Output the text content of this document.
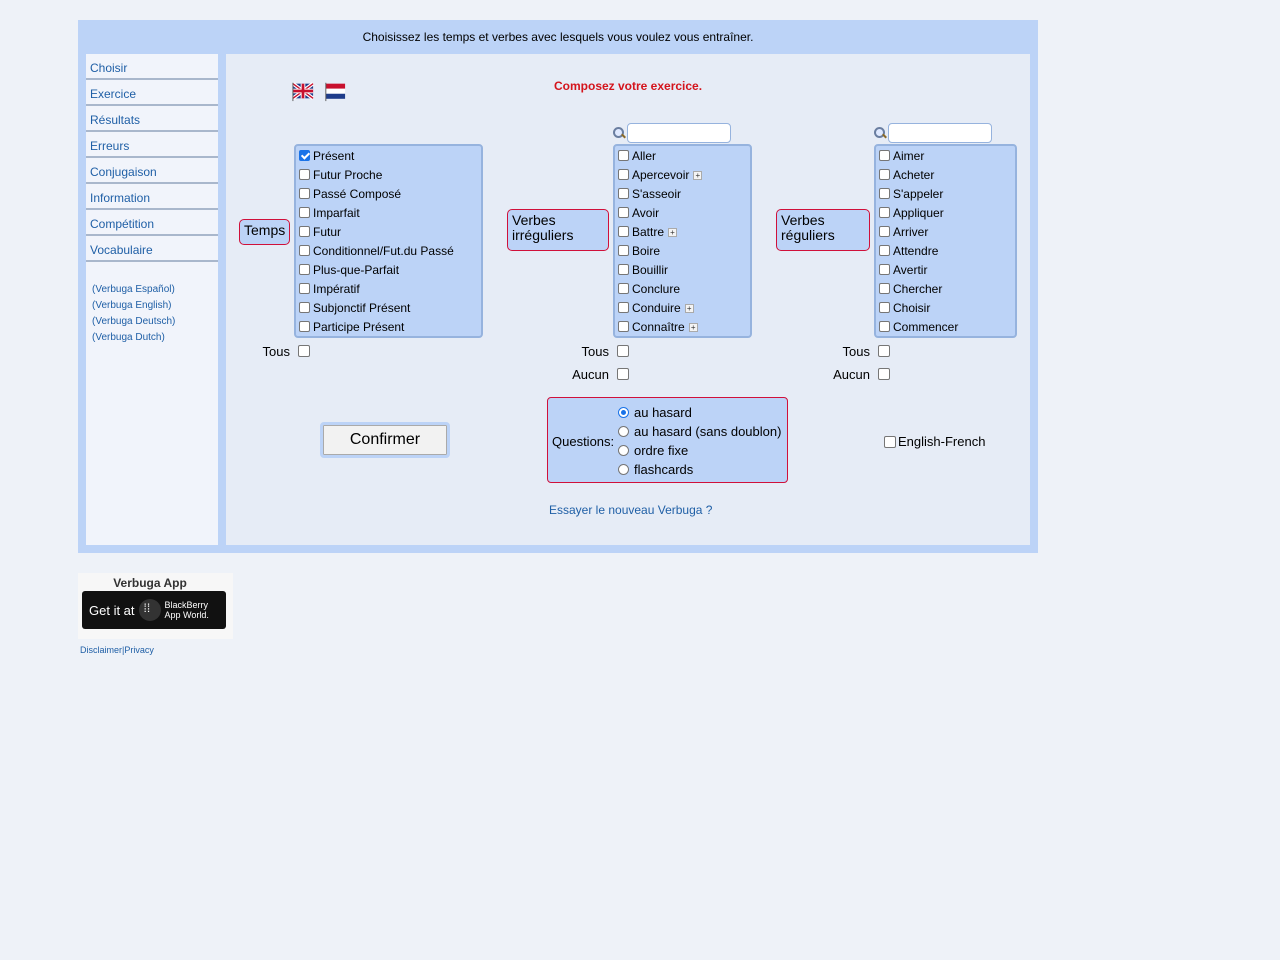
Choisissez les temps et verbes avec lesquels vous voulez vous entraîner.
Choisir
Exercice
Résultats
Erreurs
Conjugaison
Information
Compétition
Vocabulaire
(Verbuga Español)
(Verbuga English)
(Verbuga Deutsch)
(Verbuga Dutch)
Composez votre exercice.
Temps
Présent
Futur Proche
Passé Composé
Imparfait
Futur
Conditionnel/Fut.du Passé
Plus-que-Parfait
Impératif
Subjonctif Présent
Participe Présent
Tous
Verbes
irréguliers
Aller
Apercevoir +
S'asseoir
Avoir
Battre +
Boire
Bouillir
Conclure
Conduire +
Connaître +
Tous
Aucun
Verbes
réguliers
Aimer
Acheter
S'appeler
Appliquer
Arriver
Attendre
Avertir
Chercher
Choisir
Commencer
Tous
Aucun
Confirmer	Questions:
au hasard
au hasard (sans doublon)
ordre fixe
flashcards
English-French
Essayer le nouveau Verbuga ?
Verbuga App
Get it at
⁞⁞	BlackBerry
App World.
Disclaimer|Privacy
